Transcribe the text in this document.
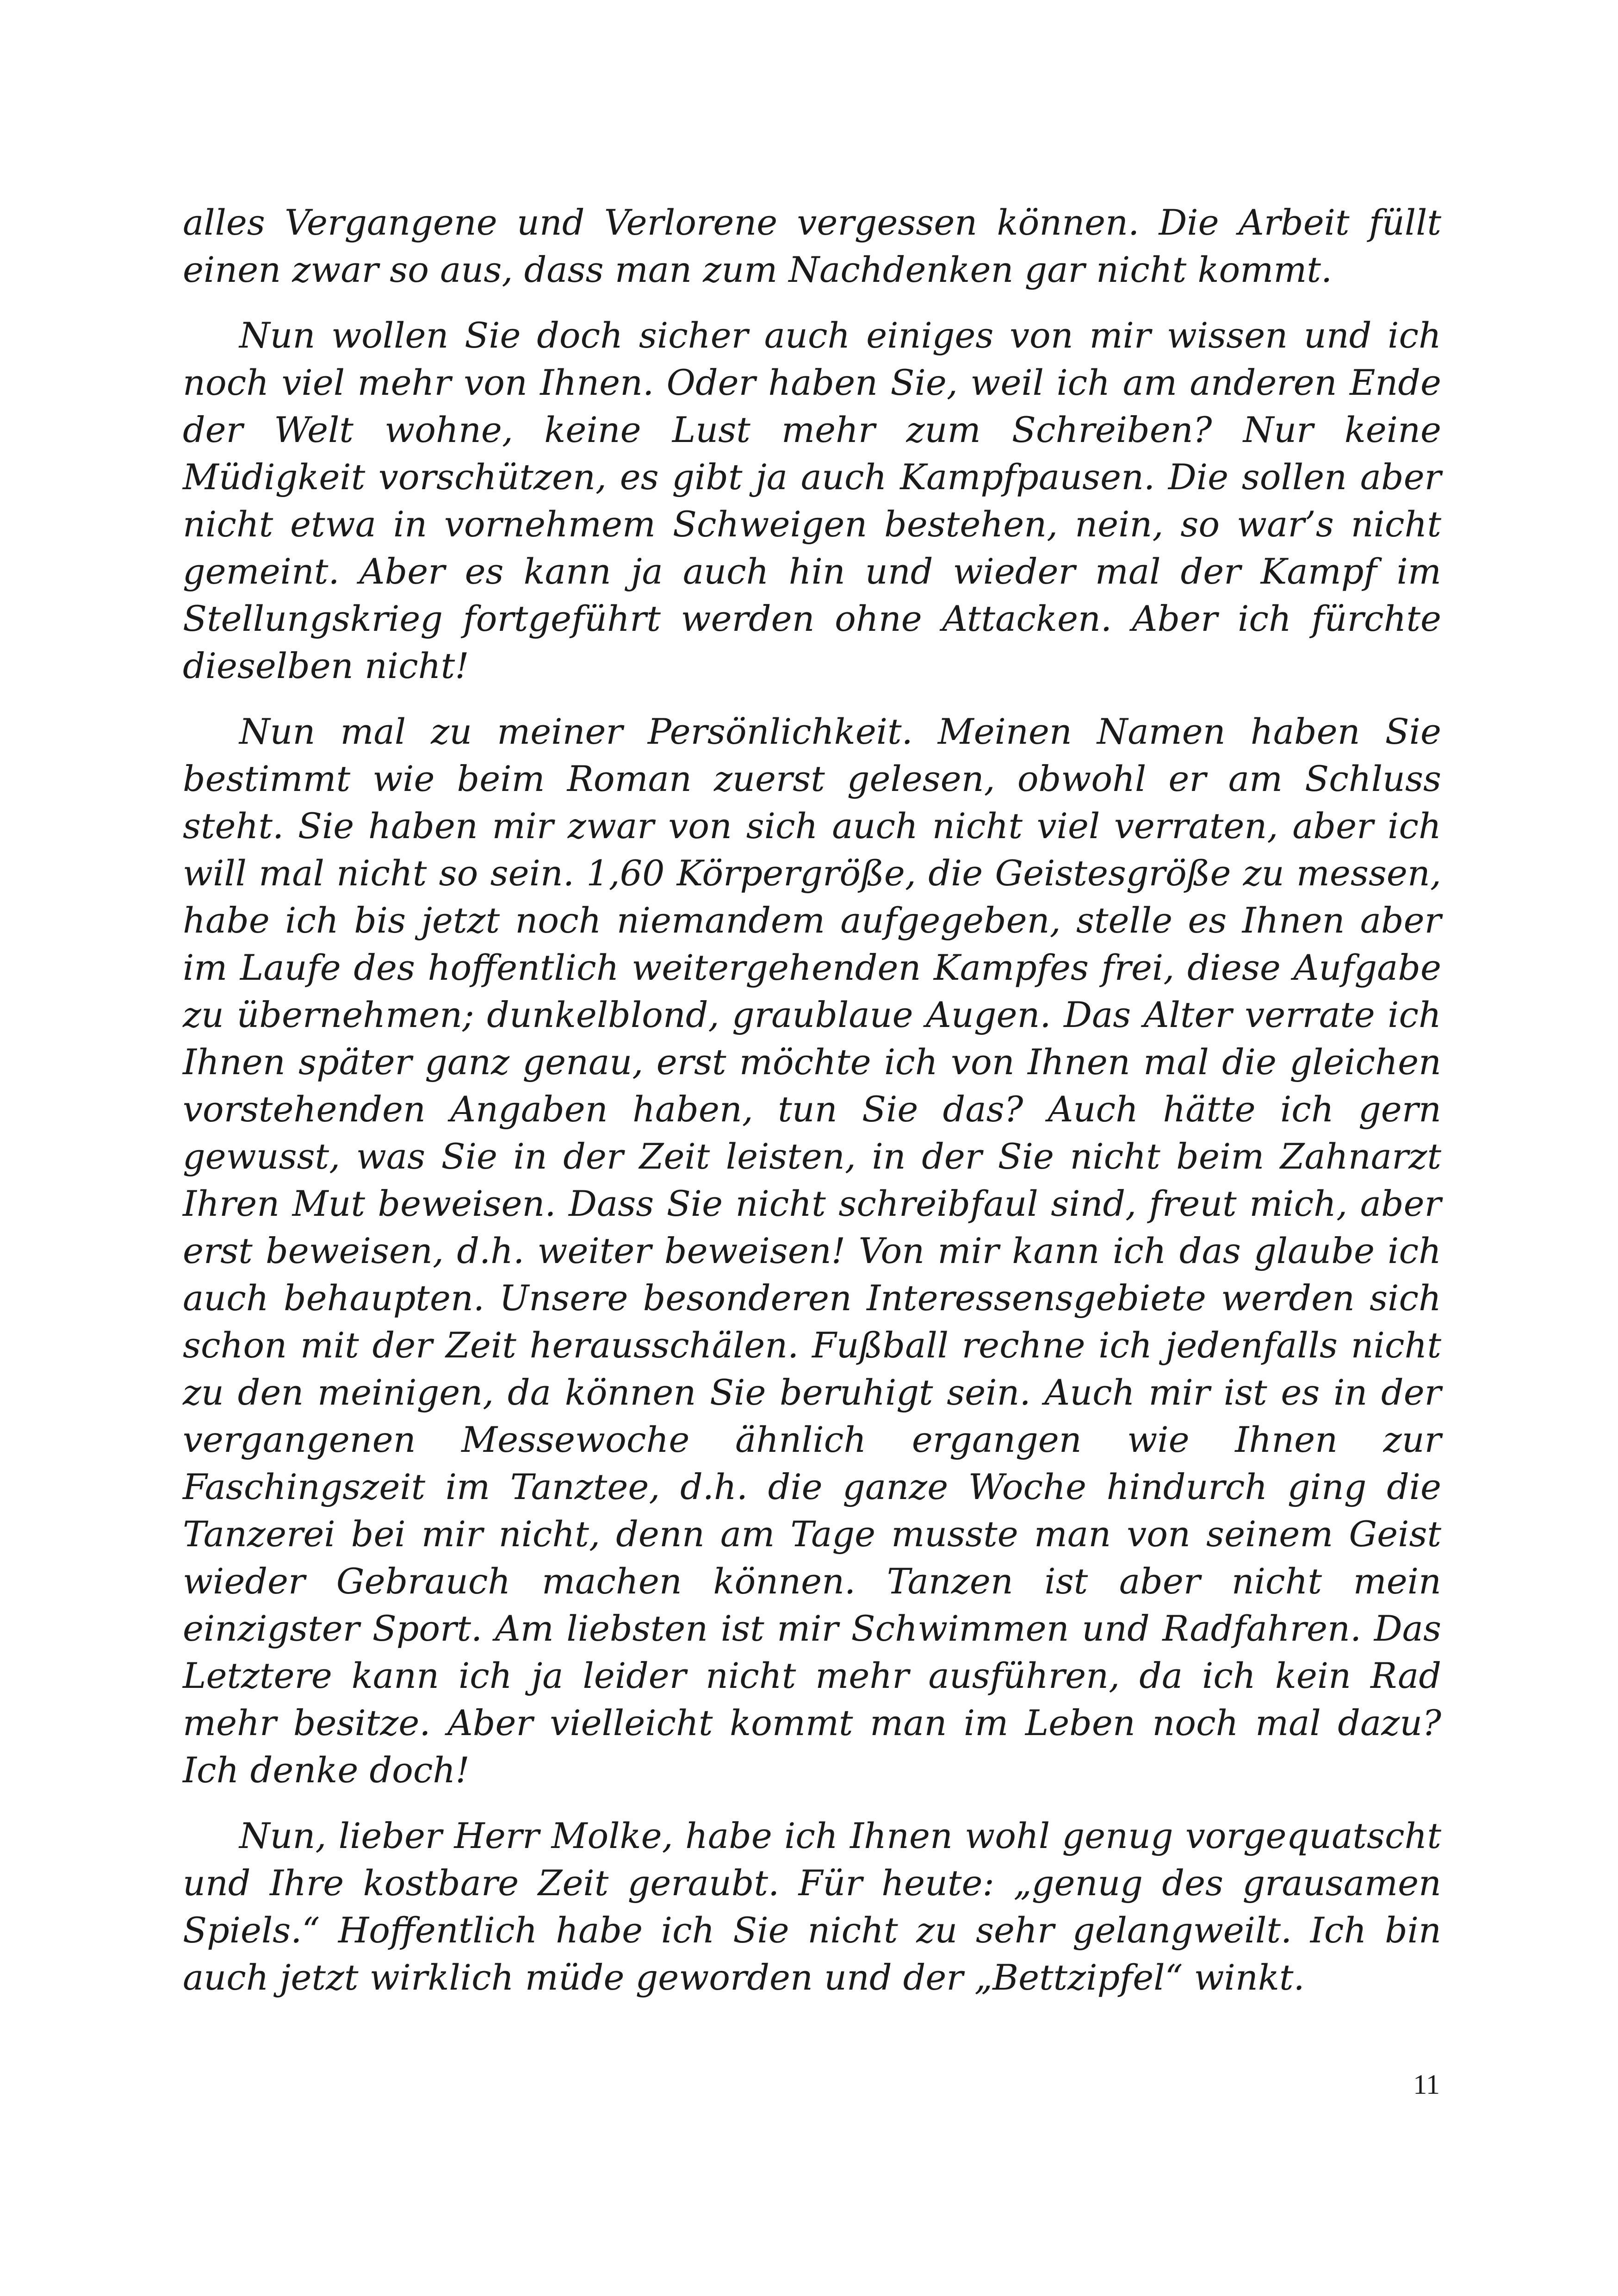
alles Vergangene und Verlorene vergessen können. Die Arbeit füllt einen zwar so aus, dass man zum Nachdenken gar nicht kommt.

Nun wollen Sie doch sicher auch einiges von mir wissen und ich noch viel mehr von Ihnen. Oder haben Sie, weil ich am anderen Ende der Welt wohne, keine Lust mehr zum Schreiben? Nur keine Müdigkeit vorschützen, es gibt ja auch Kampfpausen. Die sollen aber nicht etwa in vornehmem Schweigen bestehen, nein, so war’s nicht gemeint. Aber es kann ja auch hin und wieder mal der Kampf im Stellungskrieg fortgeführt werden ohne Attacken. Aber ich fürchte dieselben nicht!

Nun mal zu meiner Persönlichkeit. Meinen Namen haben Sie bestimmt wie beim Roman zuerst gelesen, obwohl er am Schluss steht. Sie haben mir zwar von sich auch nicht viel verraten, aber ich will mal nicht so sein. 1,60 Körpergröße, die Geistesgröße zu messen, habe ich bis jetzt noch niemandem aufgegeben, stelle es Ihnen aber im Laufe des hoffentlich weitergehenden Kampfes frei, diese Aufgabe zu übernehmen; dunkelblond, graublaue Augen. Das Alter verrate ich Ihnen später ganz genau, erst möchte ich von Ihnen mal die gleichen vorstehenden Angaben haben, tun Sie das? Auch hätte ich gern gewusst, was Sie in der Zeit leisten, in der Sie nicht beim Zahnarzt Ihren Mut beweisen. Dass Sie nicht schreibfaul sind, freut mich, aber erst beweisen, d.h. weiter beweisen! Von mir kann ich das glaube ich auch behaupten. Unsere besonderen Interessensgebiete werden sich schon mit der Zeit herausschälen. Fußball rechne ich jedenfalls nicht zu den meinigen, da können Sie beruhigt sein. Auch mir ist es in der vergangenen Messewoche ähnlich ergangen wie Ihnen zur Faschingszeit im Tanztee, d.h. die ganze Woche hindurch ging die Tanzerei bei mir nicht, denn am Tage musste man von seinem Geist wieder Gebrauch machen können. Tanzen ist aber nicht mein einzigster Sport. Am liebsten ist mir Schwimmen und Radfahren. Das Letztere kann ich ja leider nicht mehr ausführen, da ich kein Rad mehr besitze. Aber vielleicht kommt man im Leben noch mal dazu? Ich denke doch!

Nun, lieber Herr Molke, habe ich Ihnen wohl genug vorgequatscht und Ihre kostbare Zeit geraubt. Für heute: „genug des grausamen Spiels.“ Hoffentlich habe ich Sie nicht zu sehr gelangweilt. Ich bin auch jetzt wirklich müde geworden und der „Bettzipfel“ winkt.

11
